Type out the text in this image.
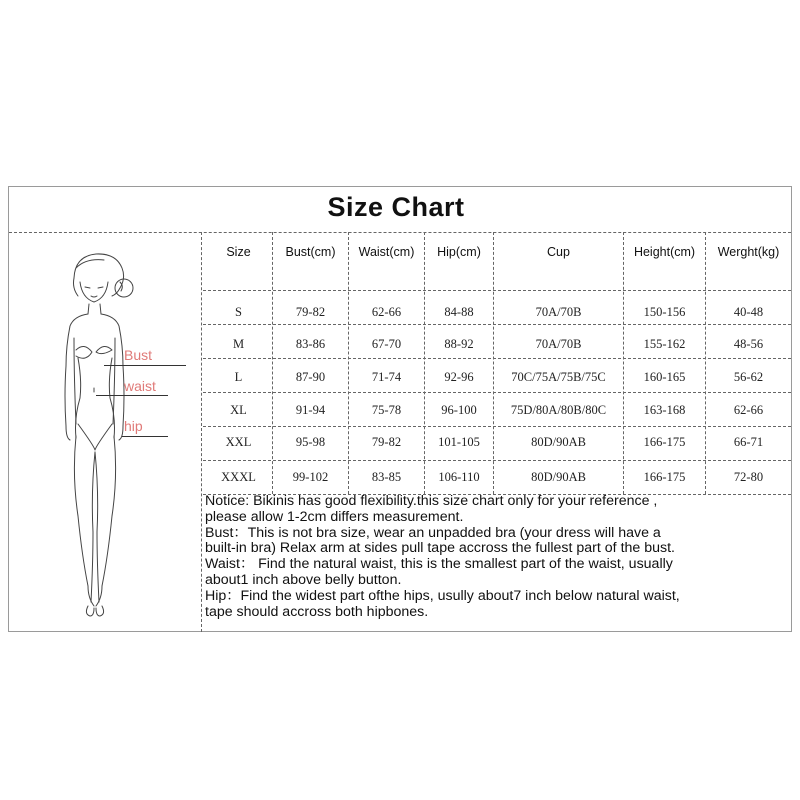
Size Chart
Size	Bust(cm)	Waist(cm)	Hip(cm)	Cup	Height(cm)	Werght(kg)
S	79-82	62-66	84-88	70A/70B	150-156	40-48
M	83-86	67-70	88-92	70A/70B	155-162	48-56
L	87-90	71-74	92-96	70C/75A/75B/75C	160-165	56-62
XL	91-94	75-78	96-100	75D/80A/80B/80C	163-168	62-66
XXL	95-98	79-82	101-105	80D/90AB	166-175	66-71
XXXL	99-102	83-85	106-110	80D/90AB	166-175	72-80
Notice: Bikinis has good flexibility.this size chart only for your reference ,
please allow 1-2cm differs measurement.
Bust：This is not bra size, wear an unpadded bra (your dress will have a
built-in bra) Relax arm at sides pull tape accross the fullest part of the bust.
Waist： Find the natural waist, this is the smallest part of the waist, usually
about1 inch above belly button.
Hip：Find the widest part ofthe hips, usully about7 inch below natural waist,
tape should accross both hipbones.
Bust
waist
hip
